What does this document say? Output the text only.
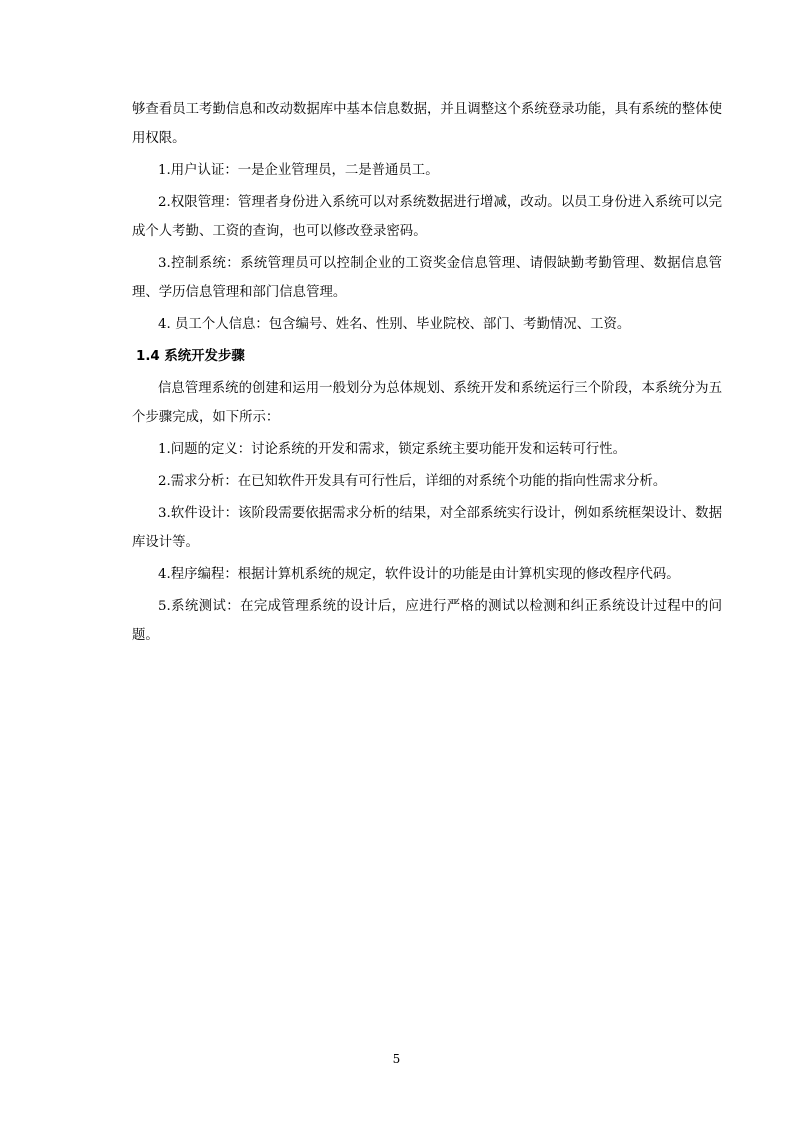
够查看员工考勤信息和改动数据库中基本信息数据，并且调整这个系统登录功能，具有系统的整体使用权限。

1.用户认证：一是企业管理员，二是普通员工。

2.权限管理：管理者身份进入系统可以对系统数据进行增减，改动。以员工身份进入系统可以完成个人考勤、工资的查询，也可以修改登录密码。

3.控制系统：系统管理员可以控制企业的工资奖金信息管理、请假缺勤考勤管理、数据信息管理、学历信息管理和部门信息管理。

4. 员工个人信息：包含编号、姓名、性别、毕业院校、部门、考勤情况、工资。

1.4 系统开发步骤

信息管理系统的创建和运用一般划分为总体规划、系统开发和系统运行三个阶段，本系统分为五个步骤完成，如下所示：

1.问题的定义：讨论系统的开发和需求，锁定系统主要功能开发和运转可行性。

2.需求分析：在已知软件开发具有可行性后，详细的对系统个功能的指向性需求分析。

3.软件设计：该阶段需要依据需求分析的结果，对全部系统实行设计，例如系统框架设计、数据库设计等。

4.程序编程：根据计算机系统的规定，软件设计的功能是由计算机实现的修改程序代码。

5.系统测试：在完成管理系统的设计后，应进行严格的测试以检测和纠正系统设计过程中的问题。

5
